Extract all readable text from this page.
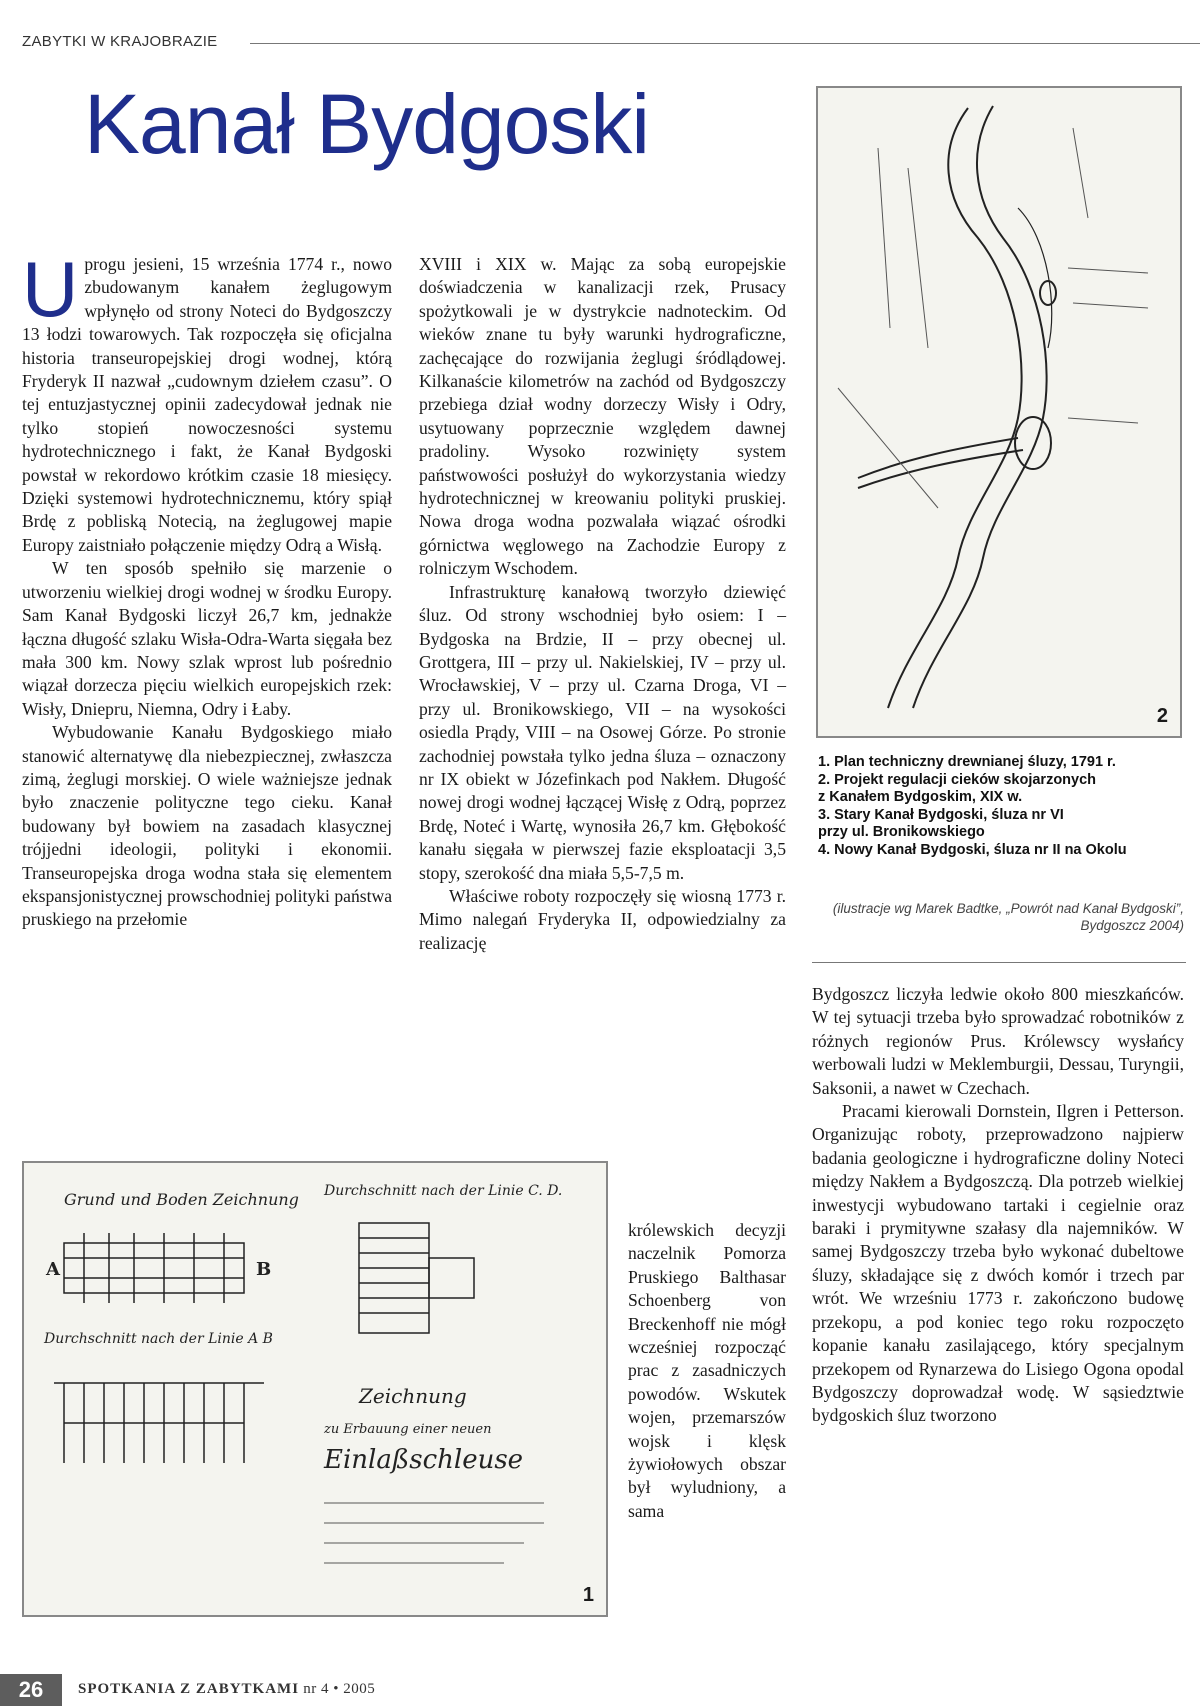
ZABYTKI W KRAJOBRAZIE
Kanał Bydgoski
U progu jesieni, 15 września 1774 r., nowo zbudowanym kanałem żeglugowym wpłynęło od strony Noteci do Bydgoszczy 13 łodzi towarowych. Tak rozpoczęła się oficjalna historia transeuropejskiej drogi wodnej, którą Fryderyk II nazwał „cudownym dziełem czasu”. O tej entuzjastycznej opinii zadecydował jednak nie tylko stopień nowoczesności systemu hydrotechnicznego i fakt, że Kanał Bydgoski powstał w rekordowo krótkim czasie 18 miesięcy. Dzięki systemowi hydrotechnicznemu, który spiął Brdę z pobliską Notecią, na żeglugowej mapie Europy zaistniało połączenie między Odrą a Wisłą.

W ten sposób spełniło się marzenie o utworzeniu wielkiej drogi wodnej w środku Europy. Sam Kanał Bydgoski liczył 26,7 km, jednakże łączna długość szlaku Wisła-Odra-Warta sięgała bez mała 300 km. Nowy szlak wprost lub pośrednio wiązał dorzecza pięciu wielkich europejskich rzek: Wisły, Dniepru, Niemna, Odry i Łaby.

Wybudowanie Kanału Bydgoskiego miało stanowić alternatywę dla niebezpiecznej, zwłaszcza zimą, żeglugi morskiej. O wiele ważniejsze jednak było znaczenie polityczne tego cieku. Kanał budowany był bowiem na zasadach klasycznej trójjedni ideologii, polityki i ekonomii. Transeuropejska droga wodna stała się elementem ekspansjonistycznej prowschodniej polityki państwa pruskiego na przełomie

XVIII i XIX w. Mając za sobą europejskie doświadczenia w kanalizacji rzek, Prusacy spożytkowali je w dystrykcie nadnoteckim. Od wieków znane tu były warunki hydrograficzne, zachęcające do rozwijania żeglugi śródlądowej. Kilkanaście kilometrów na zachód od Bydgoszczy przebiega dział wodny dorzeczy Wisły i Odry, usytuowany poprzecznie względem dawnej pradoliny. Wysoko rozwinięty system państwowości posłużył do wykorzystania wiedzy hydrotechnicznej w kreowaniu polityki pruskiej. Nowa droga wodna pozwalała wiązać ośrodki górnictwa węglowego na Zachodzie Europy z rolniczym Wschodem.

Infrastrukturę kanałową tworzyło dziewięć śluz. Od strony wschodniej było osiem: I – Bydgoska na Brdzie, II – przy obecnej ul. Grottgera, III – przy ul. Nakielskiej, IV – przy ul. Wrocławskiej, V – przy ul. Czarna Droga, VI – przy ul. Bronikowskiego, VII – na wysokości osiedla Prądy, VIII – na Osowej Górze. Po stronie zachodniej powstała tylko jedna śluza – oznaczony nr IX obiekt w Józefinkach pod Nakłem. Długość nowej drogi wodnej łączącej Wisłę z Odrą, poprzez Brdę, Noteć i Wartę, wynosiła 26,7 km. Głębokość kanału sięgała w pierwszej fazie eksploatacji 3,5 stopy, szerokość dna miała 5,5-7,5 m.

Właściwe roboty rozpoczęły się wiosną 1773 r. Mimo nalegań Fryderyka II, odpowiedzialny za realizację

królewskich decyzji naczelnik Pomorza Pruskiego Balthasar Schoenberg von Breckenhoff nie mógł wcześniej rozpocząć prac z zasadniczych powodów. Wskutek wojen, przemarszów wojsk i klęsk żywiołowych obszar był wyludniony, a sama

Bydgoszcz liczyła ledwie około 800 mieszkańców. W tej sytuacji trzeba było sprowadzać robotników z różnych regionów Prus. Królewscy wysłańcy werbowali ludzi w Meklemburgii, Dessau, Turyngii, Saksonii, a nawet w Czechach.

Pracami kierowali Dornstein, Ilgren i Petterson. Organizując roboty, przeprowadzono najpierw badania geologiczne i hydrograficzne doliny Noteci między Nakłem a Bydgoszczą. Dla potrzeb wielkiej inwestycji wybudowano tartaki i cegielnie oraz baraki i prymitywne szałasy dla najemników. W samej Bydgoszczy trzeba było wykonać dubeltowe śluzy, składające się z dwóch komór i trzech par wrót. We wrześniu 1773 r. zakończono budowę przekopu, a pod koniec tego roku rozpoczęto kopanie kanału zasilającego, który specjalnym przekopem od Rynarzewa do Lisiego Ogona opodal Bydgoszczy doprowadzał wodę. W sąsiedztwie bydgoskich śluz tworzono

2
1. Plan techniczny drewnianej śluzy, 1791 r.
2. Projekt regulacji cieków skojarzonych
z Kanałem Bydgoskim, XIX w.
3. Stary Kanał Bydgoski, śluza nr VI
przy ul. Bronikowskiego
4. Nowy Kanał Bydgoski, śluza nr II na Okolu
(ilustracje wg Marek Badtke, „Powrót nad Kanał Bydgoski”, Bydgoszcz 2004)
Grund und Boden Zeichnung Durchschnitt nach der Linie C. D.
A	B
Durchschnitt nach der Linie A B
Zeichnung
zu Erbauung einer neuen
Einlaßschleuse
1
26	SPOTKANIA Z ZABYTKAMI nr 4 • 2005
